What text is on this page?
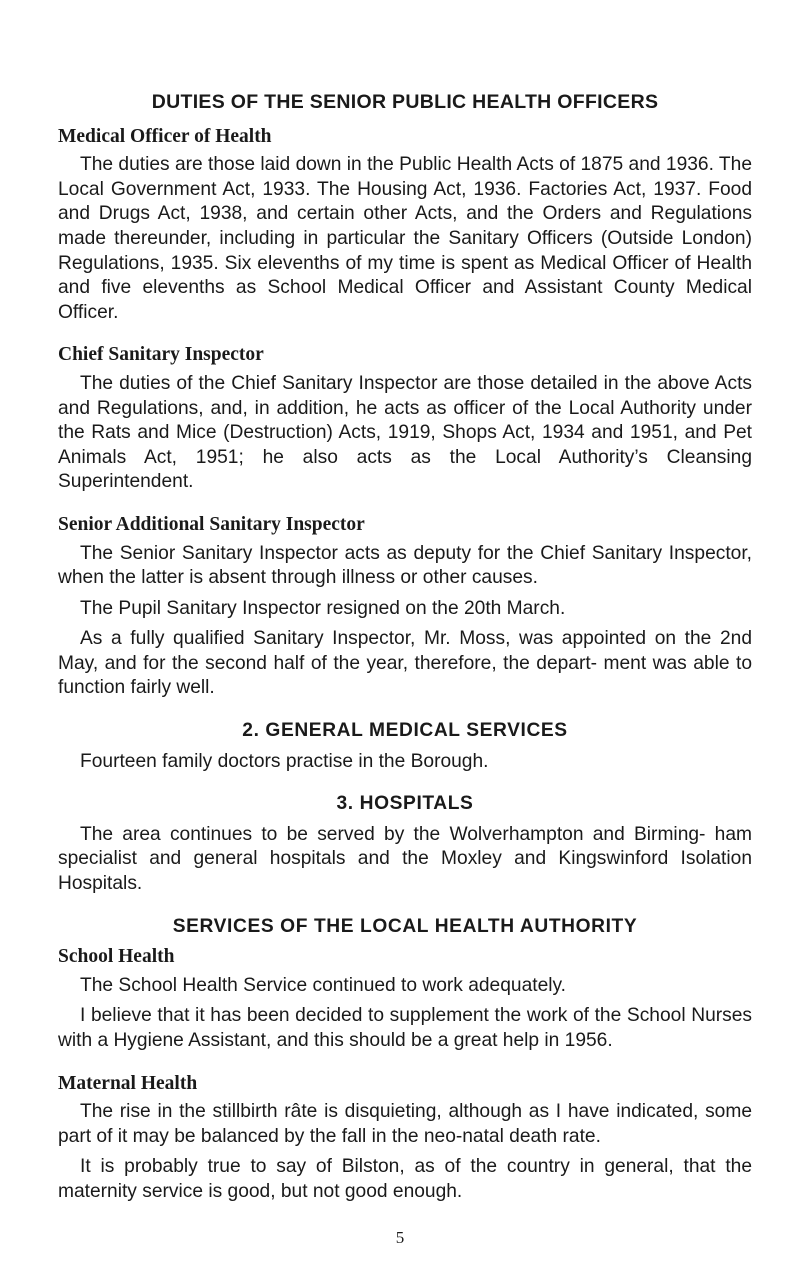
DUTIES OF THE SENIOR PUBLIC HEALTH OFFICERS
Medical Officer of Health

The duties are those laid down in the Public Health Acts of 1875 and 1936. The Local Government Act, 1933. The Housing Act, 1936. Factories Act, 1937. Food and Drugs Act, 1938, and certain other Acts, and the Orders and Regulations made thereunder, including in particular the Sanitary Officers (Outside London) Regulations, 1935. Six elevenths of my time is spent as Medical Officer of Health and five elevenths as School Medical Officer and Assistant County Medical Officer.

Chief Sanitary Inspector

The duties of the Chief Sanitary Inspector are those detailed in the above Acts and Regulations, and, in addition, he acts as officer of the Local Authority under the Rats and Mice (Destruction) Acts, 1919, Shops Act, 1934 and 1951, and Pet Animals Act, 1951; he also acts as the Local Authority’s Cleansing Superintendent.

Senior Additional Sanitary Inspector

The Senior Sanitary Inspector acts as deputy for the Chief Sanitary Inspector, when the latter is absent through illness or other causes.

The Pupil Sanitary Inspector resigned on the 20th March.

As a fully qualified Sanitary Inspector, Mr. Moss, was appointed on the 2nd May, and for the second half of the year, therefore, the depart- ment was able to function fairly well.

2. GENERAL MEDICAL SERVICES

Fourteen family doctors practise in the Borough.

3. HOSPITALS

The area continues to be served by the Wolverhampton and Birming- ham specialist and general hospitals and the Moxley and Kingswinford Isolation Hospitals.

SERVICES OF THE LOCAL HEALTH AUTHORITY
School Health

The School Health Service continued to work adequately.

I believe that it has been decided to supplement the work of the School Nurses with a Hygiene Assistant, and this should be a great help in 1956.

Maternal Health

The rise in the stillbirth râte is disquieting, although as I have indicated, some part of it may be balanced by the fall in the neo-natal death rate.

It is probably true to say of Bilston, as of the country in general, that the maternity service is good, but not good enough.

5
